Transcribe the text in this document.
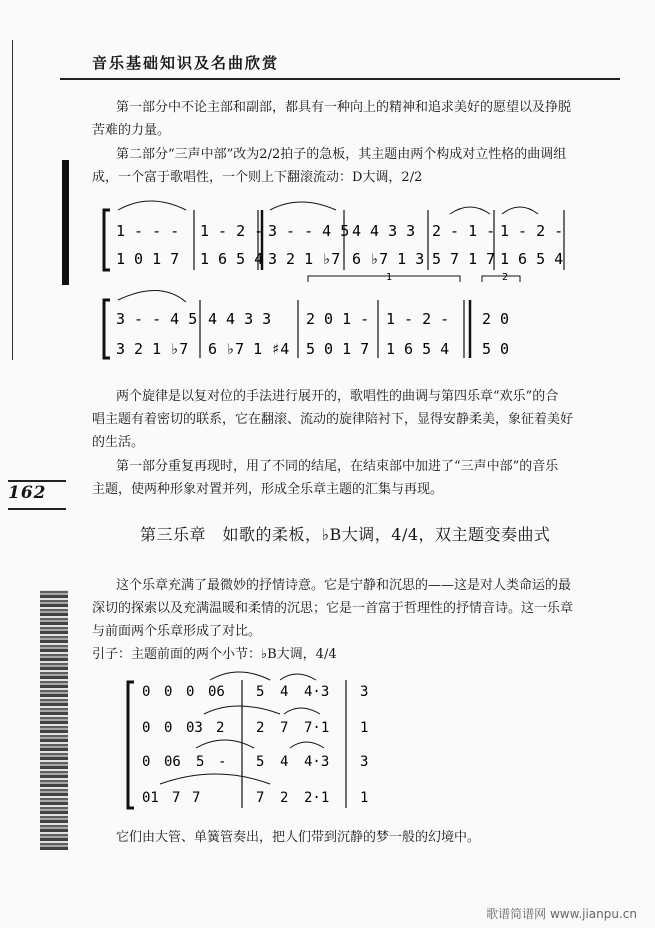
音乐基础知识及名曲欣赏
162
第一部分中不论主部和副部，都具有一种向上的精神和追求美好的愿望以及挣脱
苦难的力量。
第二部分“三声中部”改为2/2拍子的急板，其主题由两个构成对立性格的曲调组
成，一个富于歌唱性，一个则上下翻滚流动：D大调，2/2
1	2
1 - - - 1 - 2 - 3 - - 4 5 4 4 3 3 2 - 1 - 1 - 2 -
1 0 1 7 1 6 5 4 3 2 1 ♭7 6 ♭7 1 3 5 7 1 7 1 6 5 4
3 - - 4 5 4 4 3 3 2 0 1 - 1 - 2 - 2 0
3 2 1 ♭7 6 ♭7 1 ♯4 5 0 1 7 1 6 5 4 5 0
两个旋律是以复对位的手法进行展开的，歌唱性的曲调与第四乐章“欢乐”的合
唱主题有着密切的联系，它在翻滚、流动的旋律陪衬下，显得安静柔美，象征着美好
的生活。
第一部分重复再现时，用了不同的结尾，在结束部中加进了“三声中部”的音乐
主题，使两种形象对置并列，形成全乐章主题的汇集与再现。
第三乐章　如歌的柔板，♭B大调，4/4，双主题变奏曲式
这个乐章充满了最微妙的抒情诗意。它是宁静和沉思的——这是对人类命运的最
深切的探索以及充满温暖和柔情的沉思；它是一首富于哲理性的抒情音诗。这一乐章
与前面两个乐章形成了对比。
引子：主题前面的两个小节：♭B大调，4/4
0 0 0 06 5 4 4·3 3
0 0 03 2 2 7 7·1 1
0 06 5 - 5 4 4·3 3
01 7 7	7 2 2·1 1
它们由大管、单簧管奏出，把人们带到沉静的梦一般的幻境中。
歌谱简谱网 www.jianpu.cn
